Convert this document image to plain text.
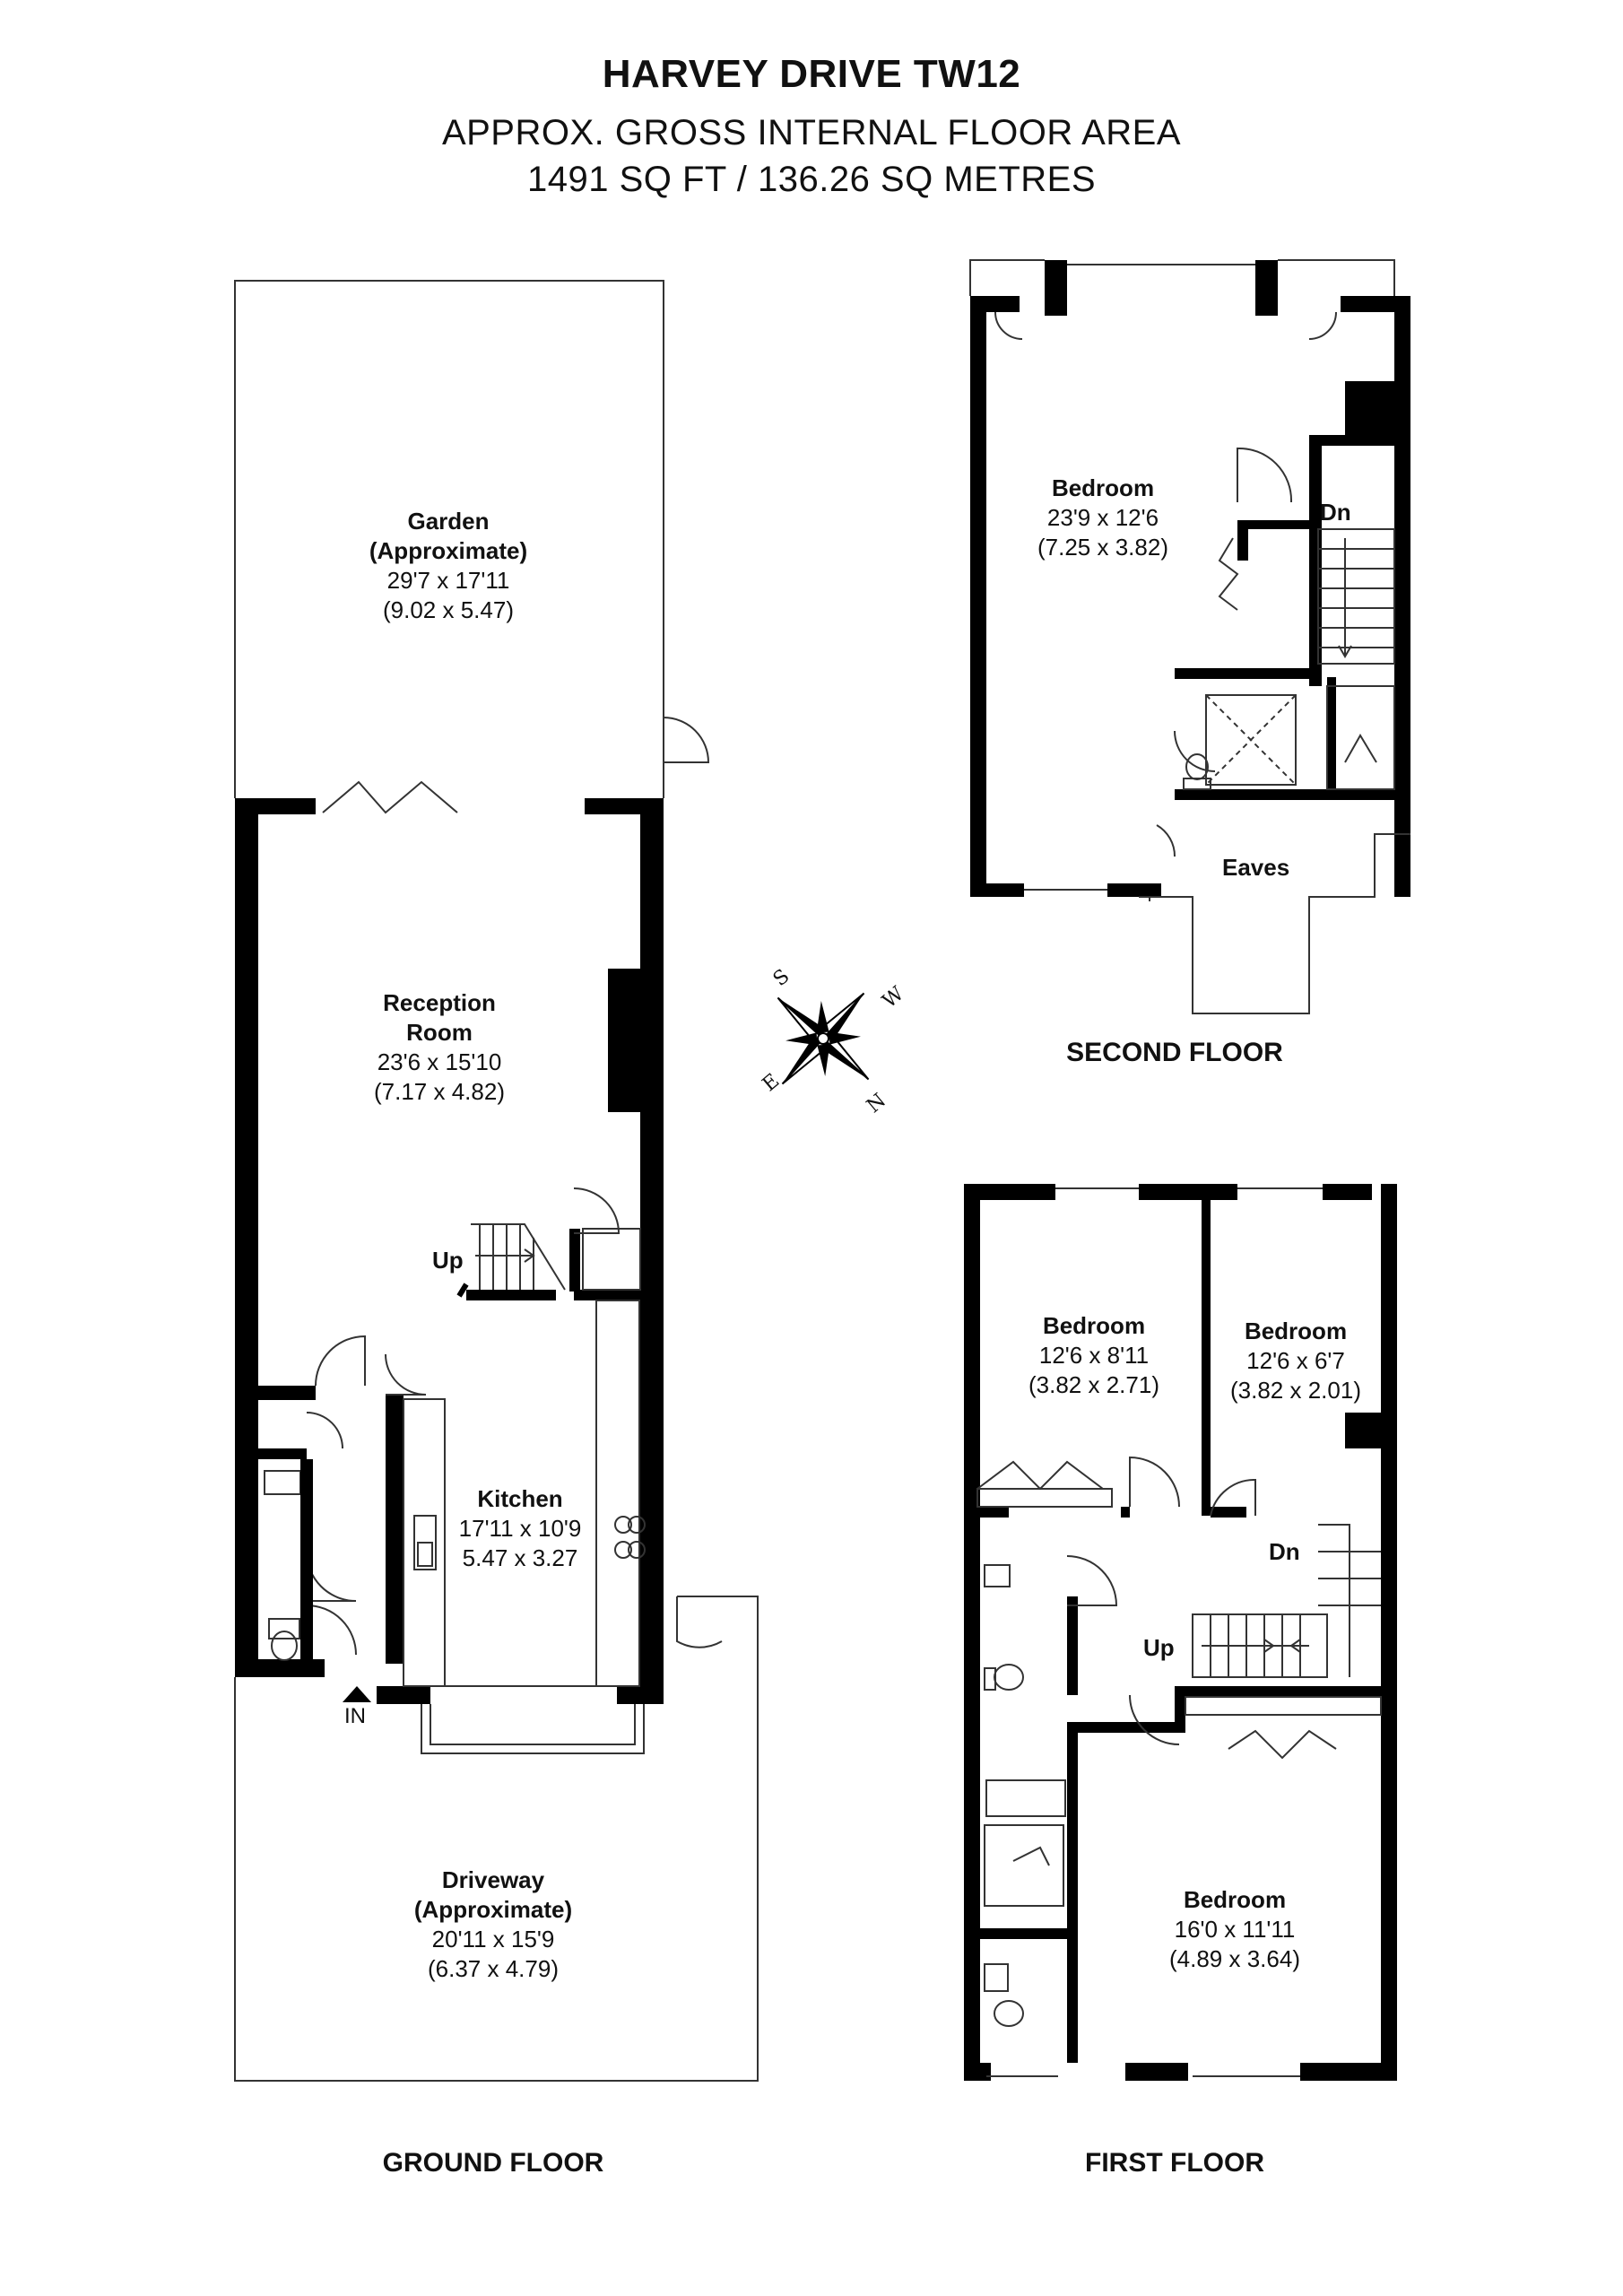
HARVEY DRIVE TW12
APPROX. GROSS INTERNAL FLOOR AREA
1491 SQ FT / 136.26 SQ METRES
S
W
E
N
Garden
(Approximate)
29'7 x 17'11
(9.02 x 5.47)
Reception
Room
23'6 x 15'10
(7.17 x 4.82)
Kitchen
17'11 x 10'9
5.47 x 3.27
Driveway
(Approximate)
20'11 x 15'9
(6.37 x 4.79)
Up
IN
Bedroom
23'9 x 12'6
(7.25 x 3.82)
Eaves
Dn
Bedroom
12'6 x 8'11
(3.82 x 2.71)
Bedroom
12'6 x 6'7
(3.82 x 2.01)
Bedroom
16'0 x 11'11
(4.89 x 3.64)
Dn
Up
GROUND FLOOR	FIRST FLOOR
SECOND FLOOR
